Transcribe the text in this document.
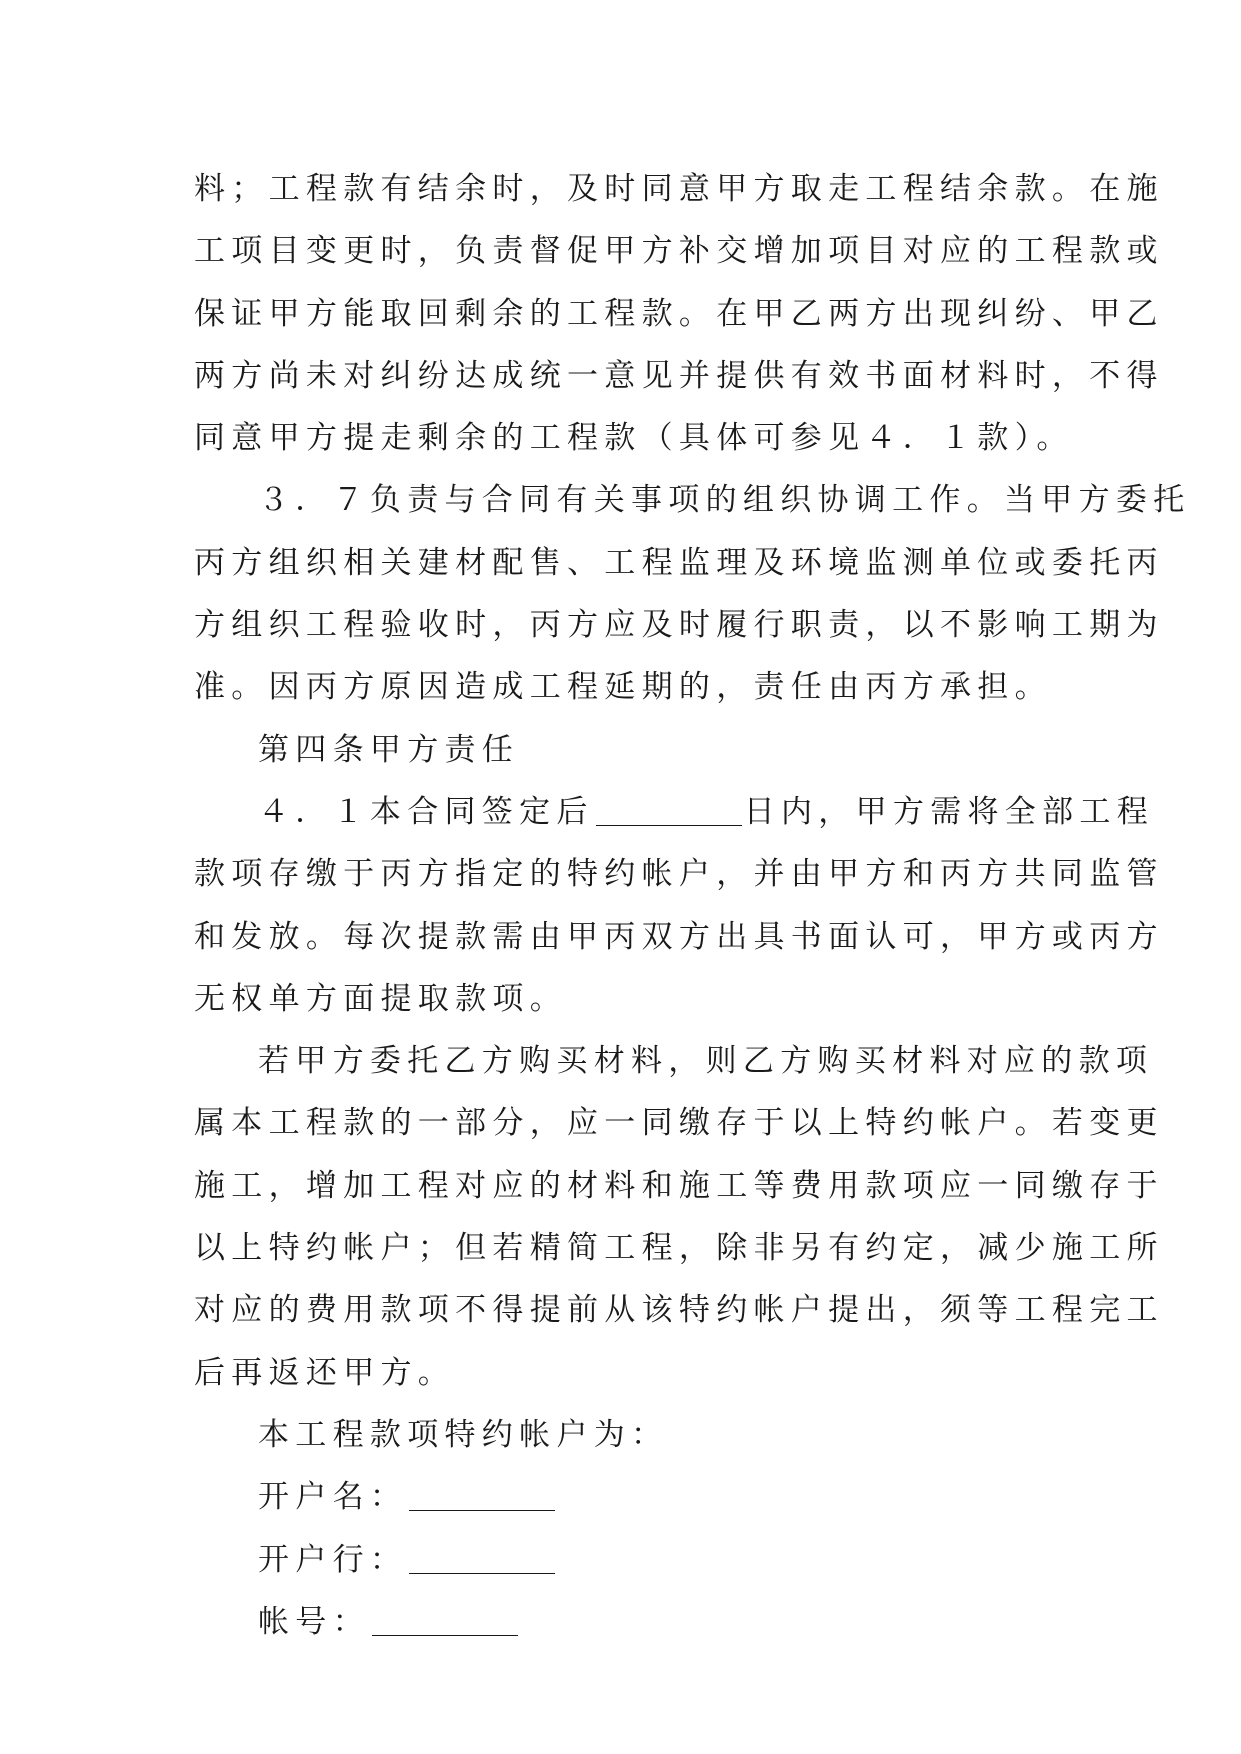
料；工程款有结余时，及时同意甲方取走工程结余款。在施
工项目变更时，负责督促甲方补交增加项目对应的工程款或
保证甲方能取回剩余的工程款。在甲乙两方出现纠纷、甲乙
两方尚未对纠纷达成统一意见并提供有效书面材料时，不得
同意甲方提走剩余的工程款（具体可参见４．１款）。
３．７负责与合同有关事项的组织协调工作。当甲方委托
丙方组织相关建材配售、工程监理及环境监测单位或委托丙
方组织工程验收时，丙方应及时履行职责，以不影响工期为
准。因丙方原因造成工程延期的，责任由丙方承担。
第四条甲方责任
４．１本合同签定后	日内，甲方需将全部工程
款项存缴于丙方指定的特约帐户，并由甲方和丙方共同监管
和发放。每次提款需由甲丙双方出具书面认可，甲方或丙方
无权单方面提取款项。
若甲方委托乙方购买材料，则乙方购买材料对应的款项
属本工程款的一部分，应一同缴存于以上特约帐户。若变更
施工，增加工程对应的材料和施工等费用款项应一同缴存于
以上特约帐户；但若精简工程，除非另有约定，减少施工所
对应的费用款项不得提前从该特约帐户提出，须等工程完工
后再返还甲方。
本工程款项特约帐户为：
开户名：
开户行：
帐号：
